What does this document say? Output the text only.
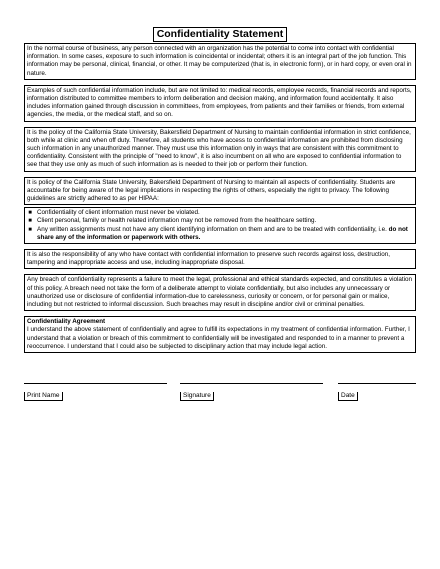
Confidentiality Statement

In the normal course of business, any person connected with an organization has the potential to come into contact with confidential information. In some cases, exposure to such information is coincidental or incidental; others it is an integral part of the job function. This information may be personal, clinical, financial, or other. It may be computerized (that is, in electronic form), or in hard copy, or even oral in nature.

Examples of such confidential information include, but are not limited to: medical records, employee records, financial records and reports, information distributed to committee members to inform deliberation and decision making, and information found accidentally. It also includes information gained through discussion in committees, from employees, from patients and their families or friends, from external agencies, the media, or the medical staff, and so on.

It is the policy of the California State University, Bakersfield Department of Nursing to maintain confidential information in strict confidence, both while at clinic and when off duty. Therefore, all students who have access to confidential information are prohibited from disclosing such information in any unauthorized manner. They must use this information only in ways that are consistent with this commitment to confidentiality. Consistent with the principle of "need to know", it is also incumbent on all who are exposed to confidential information to see that they use only as much of such information as is needed to their job or perform their function.

It is policy of the California State University, Bakersfield Department of Nursing to maintain all aspects of confidentiality. Students are accountable for being aware of the legal implications in respecting the rights of others, especially the right to privacy. The following guidelines are strictly adhered to as per HIPAA:

■ Confidentiality of client information must never be violated.
■ Client personal, family or health related information may not be removed from the healthcare setting.
■ Any written assignments must not have any client identifying information on them and are to be treated with confidentiality, i.e. do not share any of the information or paperwork with others.

It is also the responsibility of any who have contact with confidential information to preserve such records against loss, destruction, tampering and inappropriate access and use, including inappropriate disposal.

Any breach of confidentiality represents a failure to meet the legal, professional and ethical standards expected, and constitutes a violation of this policy. A breach need not take the form of a deliberate attempt to violate confidentially, but also includes any unnecessary or unauthorized use or disclosure of confidential information-due to carelessness, curiosity or concern, or for personal gain or malice, including but not restricted to informal discussion. Such breaches may result in discipline and/or civil or criminal penalties.

Confidentiality Agreement

I understand the above statement of confidentially and agree to fulfill its expectations in my treatment of confidential information. Further, I understand that a violation or breach of this commitment to confidentially will be investigated and responded to in a manner to prevent a reoccurrence. I understand that I could also be subjected to disciplinary action that may include legal action.

Print Name	Signature	Date
